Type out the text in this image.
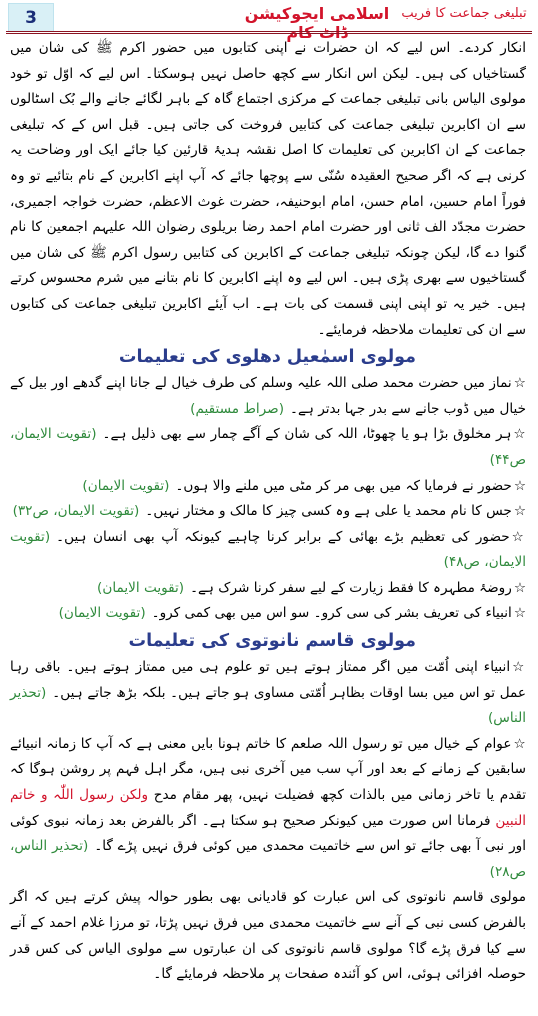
3	اسلامی ایجوکیشن ڈاٹ کام
تبلیغی جماعت کا فریب

انکار کردے۔ اس لیے کہ ان حضرات نے اپنی کتابوں میں حضور اکرم ﷺ کی شان میں گستاخیاں کی ہیں۔ لیکن اس انکار سے کچھ حاصل نہیں ہوسکتا۔ اس لیے کہ اوّل تو خود مولوی الیاس بانی تبلیغی جماعت کے مرکزی اجتماع گاہ کے باہر لگائے جانے والے بُک اسٹالوں سے ان اکابرین تبلیغی جماعت کی کتابیں فروخت کی جاتی ہیں۔ قبل اس کے کہ تبلیغی جماعت کے ان اکابرین کی تعلیمات کا اصل نقشہ ہدیۂ قارئین کیا جائے ایک اور وضاحت یہ کرنی ہے کہ اگر صحیح العقیدہ سُنّی سے پوچھا جائے کہ آپ اپنے اکابرین کے نام بتائیے تو وہ فوراً امام حسین، امام حسن، امام ابوحنیفہ، حضرت غوث الاعظم، حضرت خواجہ اجمیری، حضرت مجدّد الف ثانی اور حضرت امام احمد رضا بریلوی رضوان اللہ علیہم اجمعین کا نام گنوا دے گا، لیکن چونکہ تبلیغی جماعت کے اکابرین کی کتابیں رسول اکرم ﷺ کی شان میں گستاخیوں سے بھری پڑی ہیں۔ اس لیے وہ اپنے اکابرین کا نام بتانے میں شرم محسوس کرتے ہیں۔ خیر یہ تو اپنی اپنی قسمت کی بات ہے۔ اب آیئے اکابرین تبلیغی جماعت کی کتابوں سے ان کی تعلیمات ملاحظہ فرمایئے۔

مولوی اسمٰعیل دھلوی کی تعلیمات

☆نماز میں حضرت محمد صلی اللہ علیہ وسلم کی طرف خیال لے جانا اپنے گدھے اور بیل کے خیال میں ڈوب جانے سے بدر جہا بدتر ہے۔(صراط مستقیم)

☆ہر مخلوق بڑا ہو یا چھوٹا، اللہ کی شان کے آگے چمار سے بھی ذلیل ہے۔(تقویت الایمان، ص۴۴)

☆حضور نے فرمایا کہ میں بھی مر کر مٹی میں ملنے والا ہوں۔(تقویت الایمان)

☆جس کا نام محمد یا علی ہے وہ کسی چیز کا مالک و مختار نہیں۔(تقویت الایمان، ص۳۲)

☆حضور کی تعظیم بڑے بھائی کے برابر کرنا چاہیے کیونکہ آپ بھی انسان ہیں۔(تقویت الایمان، ص۴۸)

☆روضۂ مطہرہ کا فقط زیارت کے لیے سفر کرنا شرک ہے۔(تقویت الایمان)

☆انبیاء کی تعریف بشر کی سی کرو۔ سو اس میں بھی کمی کرو۔(تقویت الایمان)

مولوی قاسم نانوتوی کی تعلیمات

☆انبیاء اپنی اُمّت میں اگر ممتاز ہوتے ہیں تو علوم ہی میں ممتاز ہوتے ہیں۔ باقی رہا عمل تو اس میں بسا اوقات بظاہر اُمّتی مساوی ہو جاتے ہیں۔ بلکہ بڑھ جاتے ہیں۔(تحذیر الناس)

☆عوام کے خیال میں تو رسول اللہ صلعم کا خاتم ہونا بایں معنی ہے کہ آپ کا زمانہ انبیائے سابقین کے زمانے کے بعد اور آپ سب میں آخری نبی ہیں، مگر اہل فہم پر روشن ہوگا کہ تقدم یا تاخر زمانی میں بالذات کچھ فضیلت نہیں، پھر مقام مدح ولکن رسول اللّٰہ و خاتم النبین فرمانا اس صورت میں کیونکر صحیح ہو سکتا ہے۔ اگر بالفرض بعد زمانہ نبوی کوئی اور نبی آ بھی جائے تو اس سے خاتمیت محمدی میں کوئی فرق نہیں پڑے گا۔(تحذیر الناس، ص۲۸)

مولوی قاسم نانوتوی کی اس عبارت کو قادیانی بھی بطور حوالہ پیش کرتے ہیں کہ اگر بالفرض کسی نبی کے آنے سے خاتمیت محمدی میں فرق نہیں پڑتا، تو مرزا غلام احمد کے آنے سے کیا فرق پڑے گا؟ مولوی قاسم نانوتوی کی ان عبارتوں سے مولوی الیاس کی کس قدر حوصلہ افزائی ہوئی، اس کو آئندہ صفحات پر ملاحظہ فرمایئے گا۔
